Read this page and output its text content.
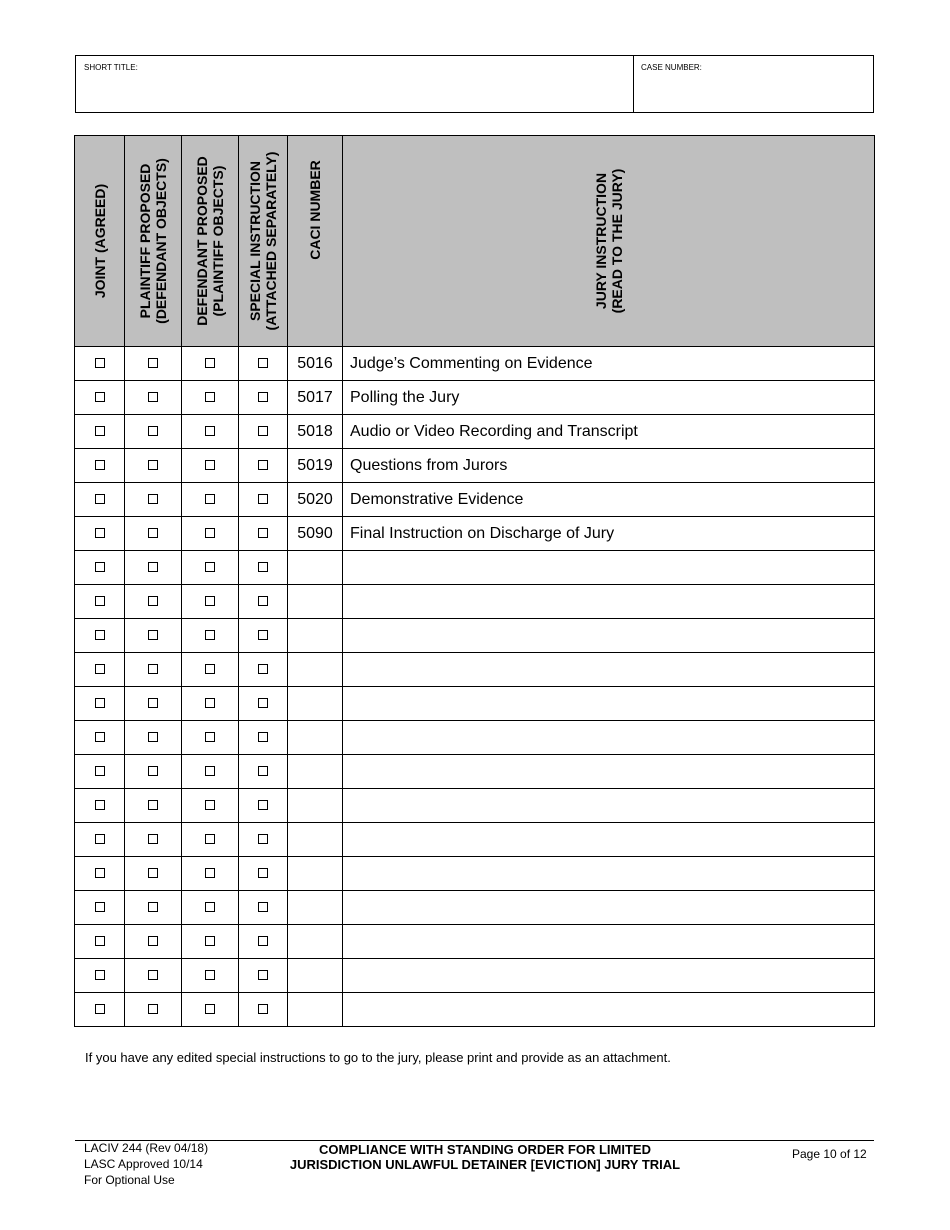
SHORT TITLE:	CASE NUMBER:
JOINT (AGREED)	PLAINTIFF PROPOSED (DEFENDANT OBJECTS)	DEFENDANT PROPOSED (PLAINTIFF OBJECTS)	SPECIAL INSTRUCTION (ATTACHED SEPARATELY)	CACI NUMBER	JURY INSTRUCTION (READ TO THE JURY)

				5016	Judge’s Commenting on Evidence
				5017	Polling the Jury
				5018	Audio or Video Recording and Transcript
				5019	Questions from Jurors
				5020	Demonstrative Evidence
				5090	Final Instruction on Discharge of Jury

If you have any edited special instructions to go to the jury, please print and provide as an attachment.
LACIV 244 (Rev 04/18)
LASC Approved 10/14
For Optional Use
COMPLIANCE WITH STANDING ORDER FOR LIMITED
JURISDICTION UNLAWFUL DETAINER [EVICTION] JURY TRIAL
Page 10 of 12
